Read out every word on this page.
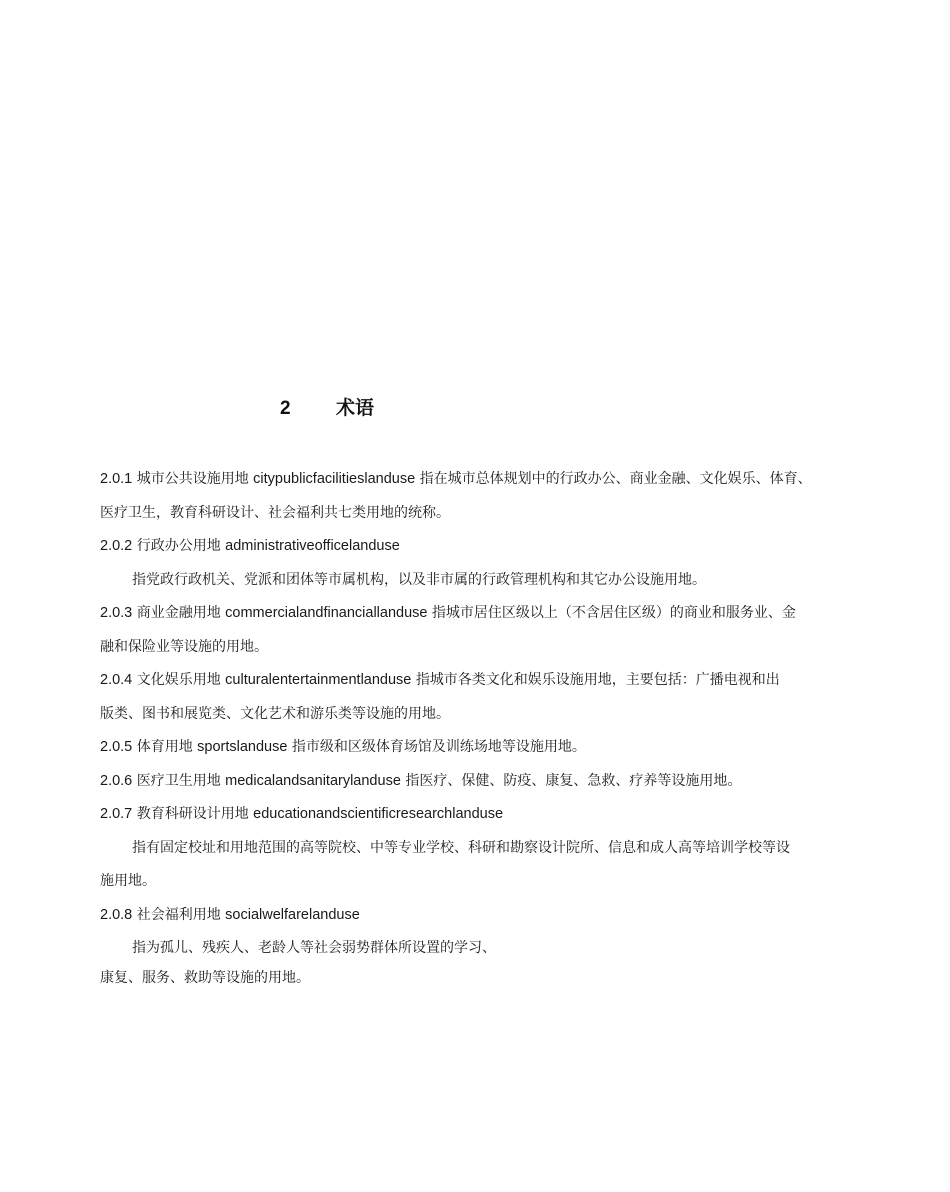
2 术语
2.0.1 城市公共设施用地 citypublicfacilitieslanduse 指在城市总体规划中的行政办公、商业金融、文化娱乐、体育、
医疗卫生，教育科研设计、社会福利共七类用地的统称。
2.0.2 行政办公用地 administrativeofficelanduse
指党政行政机关、党派和团体等市属机构，以及非市属的行政管理机构和其它办公设施用地。
2.0.3 商业金融用地 commercialandfinanciallanduse 指城市居住区级以上（不含居住区级）的商业和服务业、金
融和保险业等设施的用地。
2.0.4 文化娱乐用地 culturalentertainmentlanduse 指城市各类文化和娱乐设施用地，主要包括：广播电视和出
版类、图书和展览类、文化艺术和游乐类等设施的用地。
2.0.5 体育用地 sportslanduse 指市级和区级体育场馆及训练场地等设施用地。
2.0.6 医疗卫生用地 medicalandsanitarylanduse 指医疗、保健、防疫、康复、急救、疗养等设施用地。
2.0.7 教育科研设计用地 educationandscientificresearchlanduse
指有固定校址和用地范围的高等院校、中等专业学校、科研和勘察设计院所、信息和成人高等培训学校等设
施用地。
2.0.8 社会福利用地 socialwelfarelanduse
指为孤儿、残疾人、老龄人等社会弱势群体所设置的学习、
康复、服务、救助等设施的用地。
